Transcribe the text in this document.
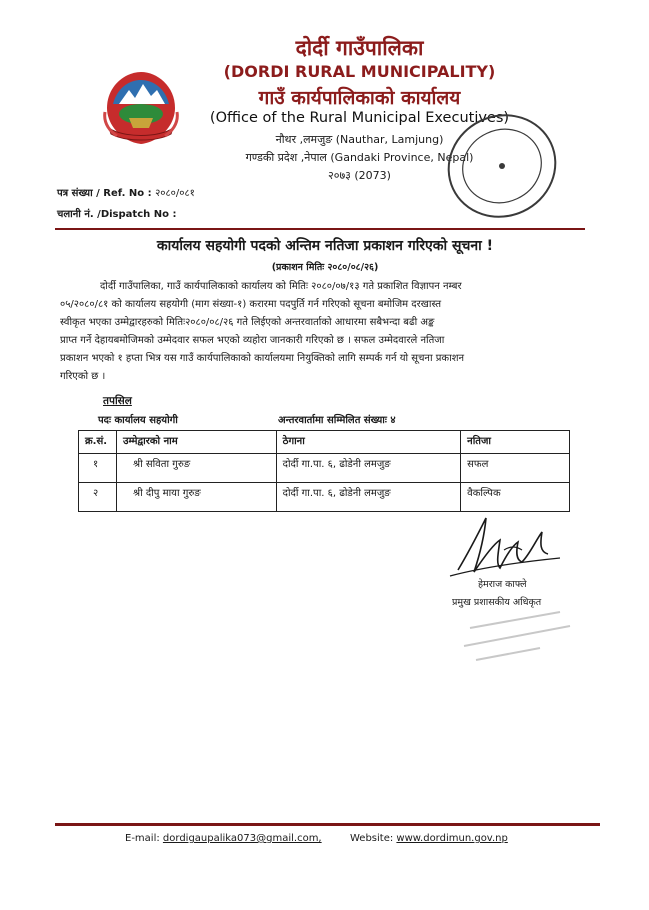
दोर्दी गाउँपालिका
(DORDI RURAL MUNICIPALITY)
गाउँ कार्यपालिकाको कार्यालय
(Office of the Rural Municipal Executives)
नौथर ,लमजुङ (Nauthar, Lamjung)
गण्डकी प्रदेश ,नेपाल (Gandaki Province, Nepal)
२०७३ (2073)
पत्र संख्या / Ref. No : २०८०/०८१
चलानी नं. /Dispatch No :
कार्यालय सहयोगी पदको अन्तिम नतिजा प्रकाशन गरिएको सूचना !
(प्रकाशन मितिः २०८०/०८/२६)
दोर्दी गाउँपालिका, गाउँ कार्यपालिकाको कार्यालय को मितिः २०८०/०७/१३ गते प्रकाशित विज्ञापन नम्बर
०५/२०८०/८१ को कार्यालय सहयोगी (माग संख्या-१) करारमा पदपुर्ति गर्न गरिएको सूचना बमोजिम दरखास्त
स्वीकृत भएका उम्मेद्वारहरुको मितिः२०८०/०८/२६ गते लिईएको अन्तरवार्ताको आधारमा सबैभन्दा बढी अङ्क
प्राप्त गर्ने देहायबमोजिमको उम्मेदवार सफल भएको व्यहोरा जानकारी गरिएको छ । सफल उम्मेदवारले नतिजा
प्रकाशन भएको १ हप्ता भित्र यस गाउँ कार्यपालिकाको कार्यालयमा नियुक्तिको लागि सम्पर्क गर्न यो सूचना प्रकाशन
गरिएको छ ।
तपसिल
पदः कार्यालय सहयोगी	अन्तरवार्तामा सम्मिलित संख्याः ४
क्र.सं.	उम्मेद्वारको नाम	ठेगाना	नतिजा
१	श्री सविता गुरुङ	दोर्दी गा.पा. ६, ढोडेनी लमजुङ	सफल
२	श्री दीपु माया गुरुङ	दोर्दी गा.पा. ६, ढोडेनी लमजुङ	वैकल्पिक
हेमराज काफ्ले
प्रमुख प्रशासकीय अधिकृत
E-mail: dordigaupalika073@gmail.com,	Website: www.dordimun.gov.np
